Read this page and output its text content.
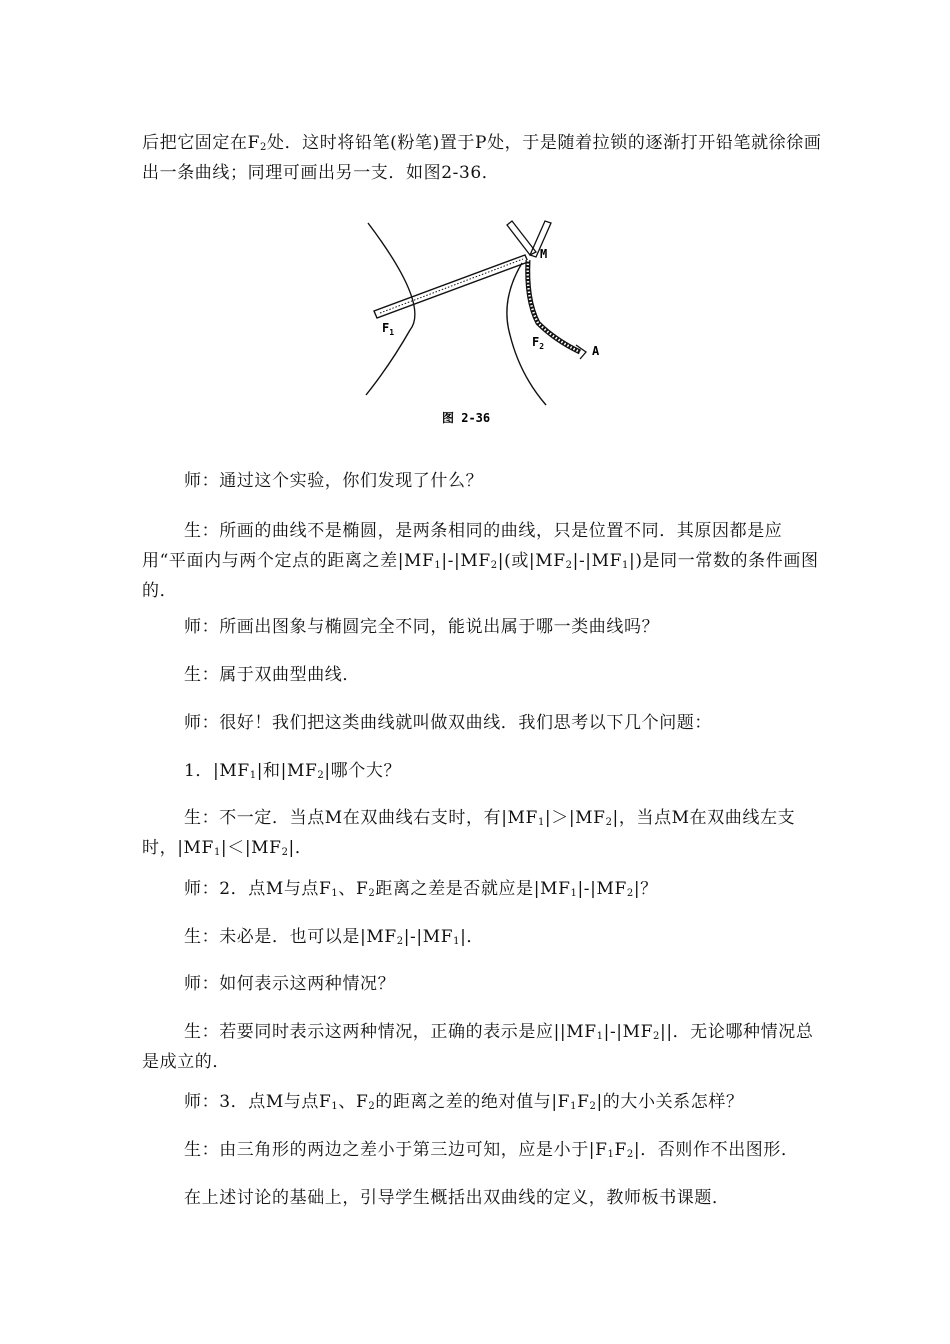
后把它固定在$F_2$处．这时将铅笔(粉笔)置于P处，于是随着拉锁的逐渐打开铅笔就徐徐画出一条曲线；同理可画出另一支．如图2-36．

$F_1$
$F_2$
M
A
图 2-36

师：通过这个实验，你们发现了什么？

生：所画的曲线不是椭圆，是两条相同的曲线，只是位置不同．其原因都是应用“平面内与两个定点的距离之差$|MF_1|-|MF_2|$(或$|MF_2|-|MF_1|$)是同一常数的条件画图的．

师：所画出图象与椭圆完全不同，能说出属于哪一类曲线吗？

生：属于双曲型曲线．

师：很好！我们把这类曲线就叫做双曲线．我们思考以下几个问题：

1．$|MF_1|$和$|MF_2|$哪个大？

生：不一定．当点M在双曲线右支时，有$|MF_1|>|MF_2|$，当点M在双曲线左支时，$|MF_1|<|MF_2|$．

师：2．点M与点$F_1$、$F_2$距离之差是否就应是$|MF_1|-|MF_2|$？

生：未必是．也可以是$|MF_2|-|MF_1|$．

师：如何表示这两种情况？

生：若要同时表示这两种情况，正确的表示是应$||MF_1|-|MF_2||$．无论哪种情况总是成立的．

师：3．点M与点$F_1$、$F_2$的距离之差的绝对值与$|F_1F_2|$的大小关系怎样？

生：由三角形的两边之差小于第三边可知，应是小于$|F_1F_2|$．否则作不出图形．

在上述讨论的基础上，引导学生概括出双曲线的定义，教师板书课题．
